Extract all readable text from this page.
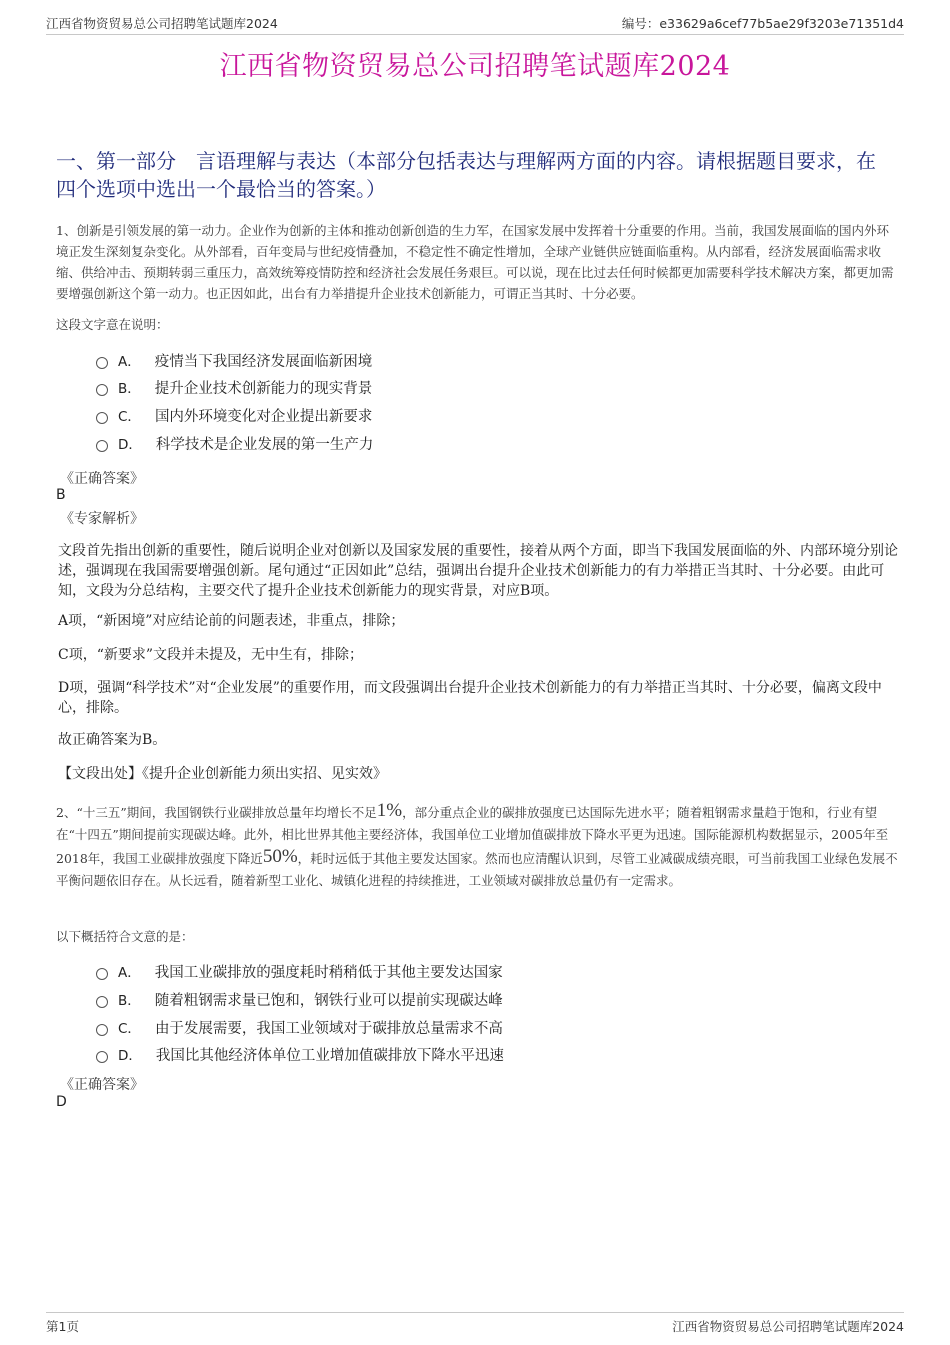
江西省物资贸易总公司招聘笔试题库2024	编号：e33629a6cef77b5ae29f3203e71351d4
江西省物资贸易总公司招聘笔试题库2024
一、第一部分　言语理解与表达（本部分包括表达与理解两方面的内容。请根据题目要求，在四个选项中选出一个最恰当的答案。）

1、创新是引领发展的第一动力。企业作为创新的主体和推动创新创造的生力军，在国家发展中发挥着十分重要的作用。当前，我国发展面临的国内外环境正发生深刻复杂变化。从外部看，百年变局与世纪疫情叠加，不稳定性不确定性增加，全球产业链供应链面临重构。从内部看，经济发展面临需求收缩、供给冲击、预期转弱三重压力，高效统筹疫情防控和经济社会发展任务艰巨。可以说，现在比过去任何时候都更加需要科学技术解决方案，都更加需要增强创新这个第一动力。也正因如此，出台有力举措提升企业技术创新能力，可谓正当其时、十分必要。

这段文字意在说明：

A． 疫情当下我国经济发展面临新困境
B． 提升企业技术创新能力的现实背景
C． 国内外环境变化对企业提出新要求
D． 科学技术是企业发展的第一生产力
《正确答案》
B
《专家解析》

文段首先指出创新的重要性，随后说明企业对创新以及国家发展的重要性，接着从两个方面，即当下我国发展面临的外、内部环境分别论述，强调现在我国需要增强创新。尾句通过“正因如此”总结，强调出台提升企业技术创新能力的有力举措正当其时、十分必要。由此可知，文段为分总结构，主要交代了提升企业技术创新能力的现实背景，对应B项。

A项，“新困境”对应结论前的问题表述，非重点，排除；

C项，“新要求”文段并未提及，无中生有，排除；

D项，强调“科学技术”对“企业发展”的重要作用，而文段强调出台提升企业技术创新能力的有力举措正当其时、十分必要，偏离文段中心，排除。

故正确答案为B。

【文段出处】《提升企业创新能力须出实招、见实效》

2、“十三五”期间，我国钢铁行业碳排放总量年均增长不足1%，部分重点企业的碳排放强度已达国际先进水平；随着粗钢需求量趋于饱和，行业有望在“十四五”期间提前实现碳达峰。此外，相比世界其他主要经济体，我国单位工业增加值碳排放下降水平更为迅速。国际能源机构数据显示，2005年至2018年，我国工业碳排放强度下降近50%，耗时远低于其他主要发达国家。然而也应清醒认识到，尽管工业减碳成绩亮眼，可当前我国工业绿色发展不平衡问题依旧存在。从长远看，随着新型工业化、城镇化进程的持续推进，工业领域对碳排放总量仍有一定需求。

以下概括符合文意的是：

A． 我国工业碳排放的强度耗时稍稍低于其他主要发达国家
B． 随着粗钢需求量已饱和，钢铁行业可以提前实现碳达峰
C． 由于发展需要，我国工业领域对于碳排放总量需求不高
D． 我国比其他经济体单位工业增加值碳排放下降水平迅速
《正确答案》
D
第1页	江西省物资贸易总公司招聘笔试题库2024
